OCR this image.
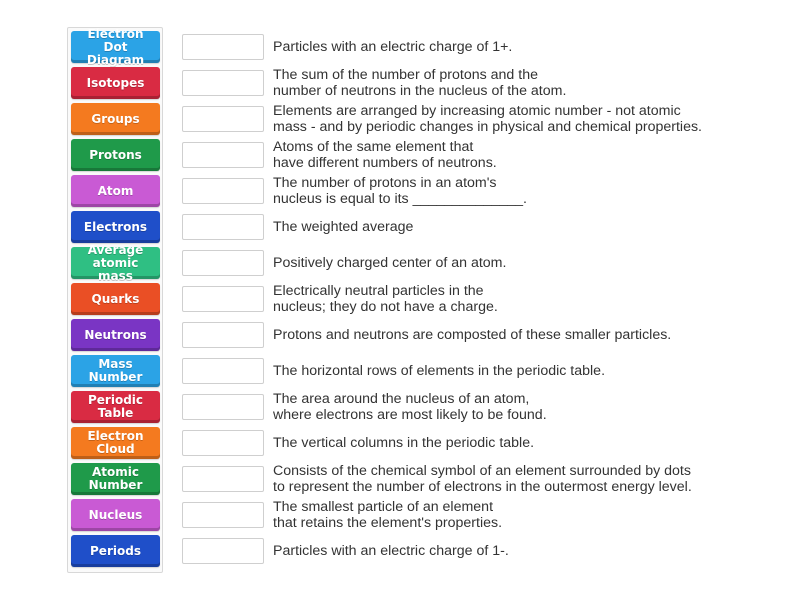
Electron Dot Diagram
Isotopes
Groups
Protons
Atom
Electrons
Average atomic mass
Quarks
Neutrons
Mass Number
Periodic Table
Electron Cloud
Atomic Number
Nucleus
Periods
Particles with an electric charge of 1+.
The sum of the number of protons and the
number of neutrons in the nucleus of the atom.
Elements are arranged by increasing atomic number - not atomic
mass - and by periodic changes in physical and chemical properties.
Atoms of the same element that
have different numbers of neutrons.
The number of protons in an atom's
nucleus is equal to its ______________.
The weighted average
Positively charged center of an atom.
Electrically neutral particles in the
nucleus; they do not have a charge.
Protons and neutrons are composted of these smaller particles.
The horizontal rows of elements in the periodic table.
The area around the nucleus of an atom,
where electrons are most likely to be found.
The vertical columns in the periodic table.
Consists of the chemical symbol of an element surrounded by dots
to represent the number of electrons in the outermost energy level.
The smallest particle of an element
that retains the element's properties.
Particles with an electric charge of 1-.
